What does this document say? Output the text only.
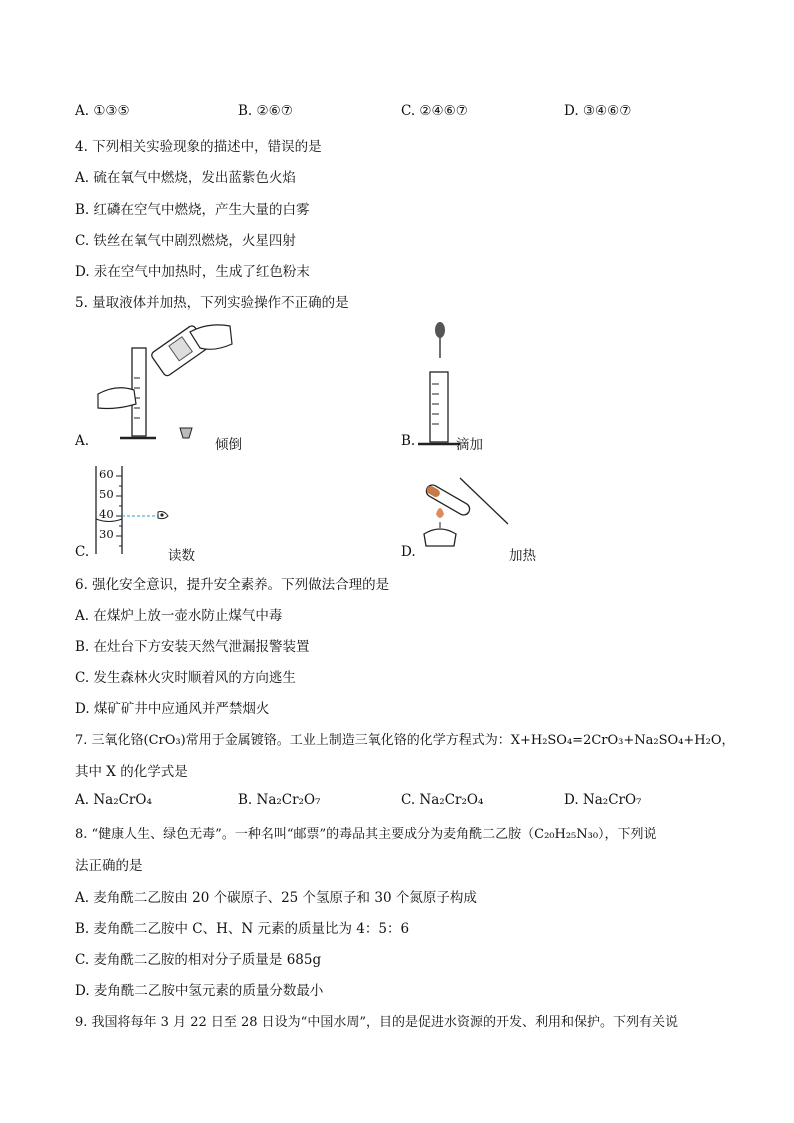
A. ①③⑤	B. ②⑥⑦	C. ②④⑥⑦	D. ③④⑥⑦
4. 下列相关实验现象的描述中，错误的是
A. 硫在氧气中燃烧，发出蓝紫色火焰
B. 红磷在空气中燃烧，产生大量的白雾
C. 铁丝在氧气中剧烈燃烧，火星四射
D. 汞在空气中加热时，生成了红色粉末
5. 量取液体并加热，下列实验操作不正确的是
A.	倾倒	B.	滴加
60
50
40
30
C.	读数	D.	加热
6. 强化安全意识，提升安全素养。下列做法合理的是
A. 在煤炉上放一壶水防止煤气中毒
B. 在灶台下方安装天然气泄漏报警装置
C. 发生森林火灾时顺着风的方向逃生
D. 煤矿矿井中应通风并严禁烟火
7. 三氧化铬(CrO₃)常用于金属镀铬。工业上制造三氧化铬的化学方程式为：X+H₂SO₄=2CrO₃+Na₂SO₄+H₂O，
其中 X 的化学式是
A. Na₂CrO₄	B. Na₂Cr₂O₇	C. Na₂Cr₂O₄	D. Na₂CrO₇
8. “健康人生、绿色无毒”。一种名叫“邮票”的毒品其主要成分为麦角酰二乙胺（C₂₀H₂₅N₃₀），下列说
法正确的是
A. 麦角酰二乙胺由 20 个碳原子、25 个氢原子和 30 个氮原子构成
B. 麦角酰二乙胺中 C、H、N 元素的质量比为 4：5：6
C. 麦角酰二乙胺的相对分子质量是 685g
D. 麦角酰二乙胺中氢元素的质量分数最小
9. 我国将每年 3 月 22 日至 28 日设为“中国水周”，目的是促进水资源的开发、利用和保护。下列有关说
